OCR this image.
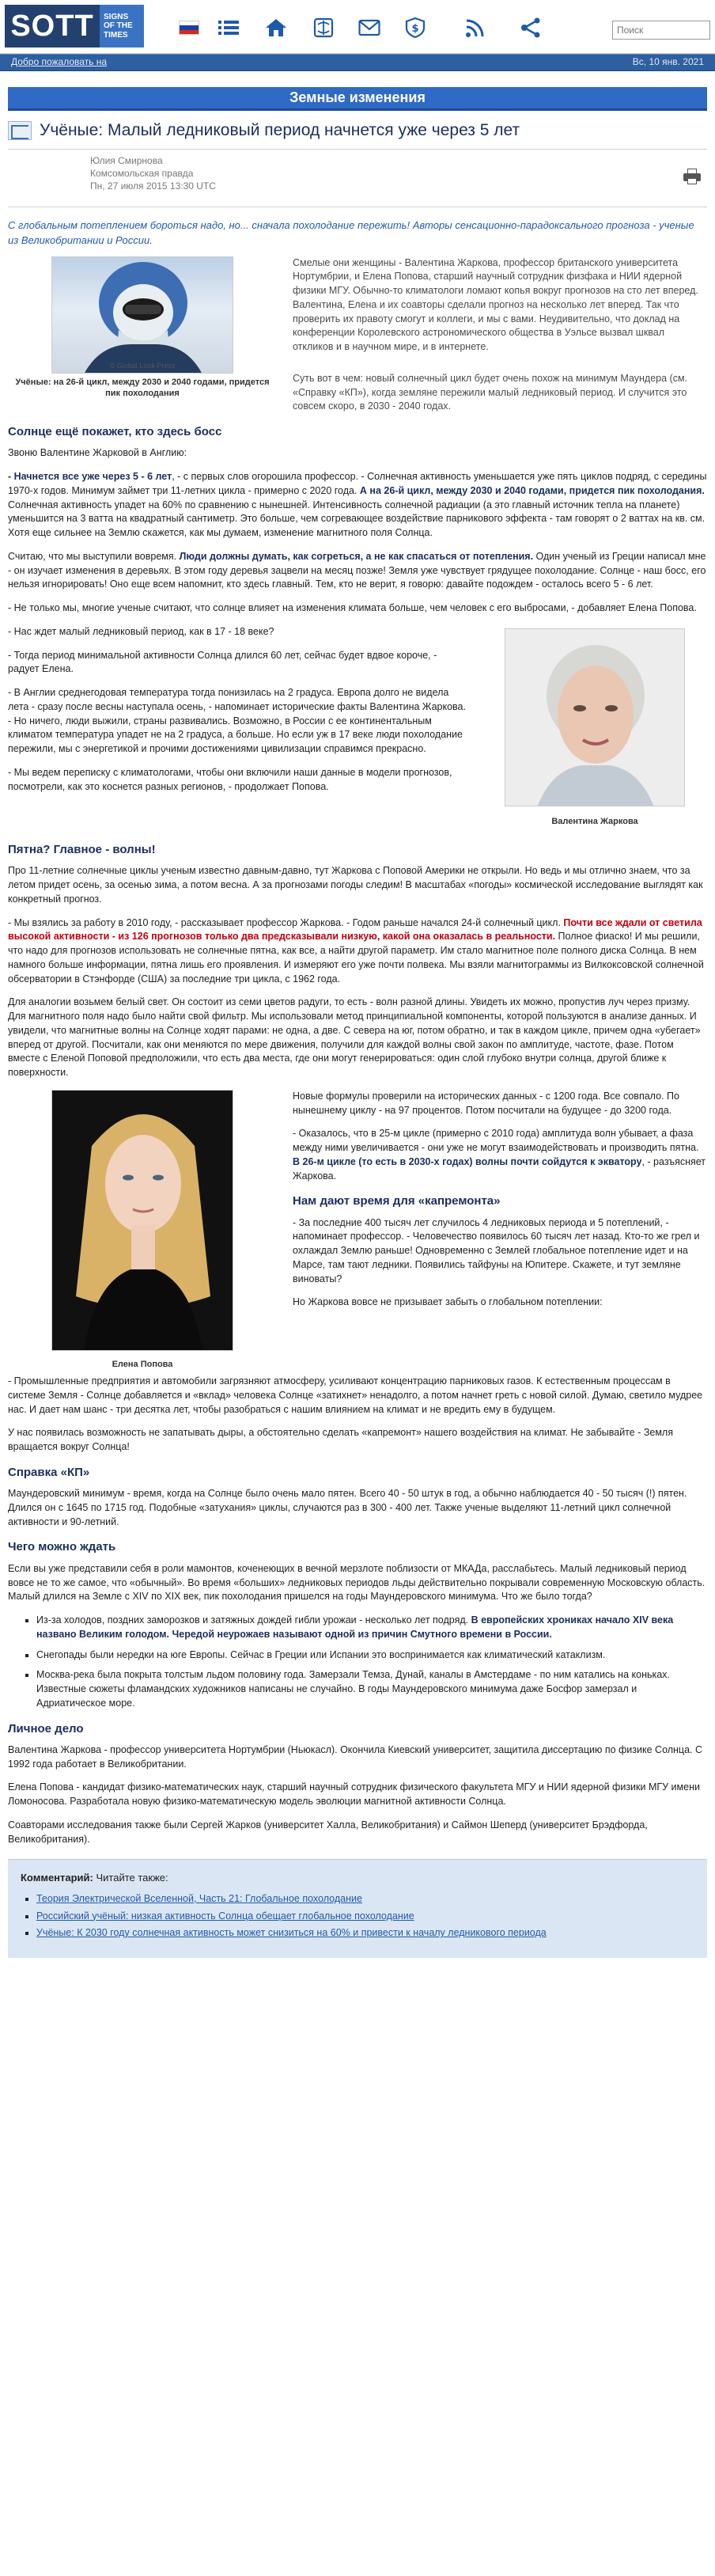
SOTT	SIGNS
OF THE
TIMES
$
Поиск
Добро пожаловать на	Вс, 10 янв. 2021
Земные изменения
Учёные: Малый ледниковый период начнется уже через 5 лет
Юлия Смирнова
Комсомольская правда
Пн, 27 июля 2015 13:30 UTC
С глобальным потеплением бороться надо, но... сначала похолодание пережить! Авторы сенсационно-парадоксального прогноза - ученые из Великобритании и России.
© Global Look Press
Учёные: на 26-й цикл, между 2030 и 2040 годами, придется пик похолодания

Смелые они женщины - Валентина Жаркова, профессор британского университета Нортумбрии, и Елена Попова, старший научный сотрудник физфака и НИИ ядерной физики МГУ. Обычно-то климатологи ломают копья вокруг прогнозов на сто лет вперед. Валентина, Елена и их соавторы сделали прогноз на несколько лет вперед. Так что проверить их правоту смогут и коллеги, и мы с вами. Неудивительно, что доклад на конференции Королевского астрономического общества в Уэльсе вызвал шквал откликов и в научном мире, и в интернете.

Суть вот в чем: новый солнечный цикл будет очень похож на минимум Маундера (см. «Справку «КП»), когда земляне пережили малый ледниковый период. И случится это совсем скоро, в 2030 - 2040 годах.

Солнце ещё покажет, кто здесь босс

Звоню Валентине Жарковой в Англию:

- Начнется все уже через 5 - 6 лет, - с первых слов огорошила профессор. - Солнечная активность уменьшается уже пять циклов подряд, с середины 1970-х годов. Минимум займет три 11-летних цикла - примерно с 2020 года. А на 26-й цикл, между 2030 и 2040 годами, придется пик похолодания. Солнечная активность упадет на 60% по сравнению с нынешней. Интенсивность солнечной радиации (а это главный источник тепла на планете) уменьшится на 3 ватта на квадратный сантиметр. Это больше, чем согревающее воздействие парникового эффекта - там говорят о 2 ваттах на кв. см. Хотя еще сильнее на Землю скажется, как мы думаем, изменение магнитного поля Солнца.

Считаю, что мы выступили вовремя. Люди должны думать, как согреться, а не как спасаться от потепления. Один ученый из Греции написал мне - он изучает изменения в деревьях. В этом году деревья зацвели на месяц позже! Земля уже чувствует грядущее похолодание. Солнце - наш босс, его нельзя игнорировать! Оно еще всем напомнит, кто здесь главный. Тем, кто не верит, я говорю: давайте подождем - осталось всего 5 - 6 лет.

- Не только мы, многие ученые считают, что солнце влияет на изменения климата больше, чем человек с его выбросами, - добавляет Елена Попова.

Валентина Жаркова

- Нас ждет малый ледниковый период, как в 17 - 18 веке?

- Тогда период минимальной активности Солнца длился 60 лет, сейчас будет вдвое короче, - радует Елена.

- В Англии среднегодовая температура тогда понизилась на 2 градуса. Европа долго не видела лета - сразу после весны наступала осень, - напоминает исторические факты Валентина Жаркова. - Но ничего, люди выжили, страны развивались. Возможно, в России с ее континентальным климатом температура упадет не на 2 градуса, а больше. Но если уж в 17 веке люди похолодание пережили, мы с энергетикой и прочими достижениями цивилизации справимся прекрасно.

- Мы ведем переписку с климатологами, чтобы они включили наши данные в модели прогнозов, посмотрели, как это коснется разных регионов, - продолжает Попова.

Пятна? Главное - волны!

Про 11-летние солнечные циклы ученым известно давным-давно, тут Жаркова с Поповой Америки не открыли. Но ведь и мы отлично знаем, что за летом придет осень, за осенью зима, а потом весна. А за прогнозами погоды следим! В масштабах «погоды» космической исследование выглядят как конкретный прогноз.

- Мы взялись за работу в 2010 году, - рассказывает профессор Жаркова. - Годом раньше начался 24-й солнечный цикл. Почти все ждали от светила высокой активности - из 126 прогнозов только два предсказывали низкую, какой она оказалась в реальности. Полное фиаско! И мы решили, что надо для прогнозов использовать не солнечные пятна, как все, а найти другой параметр. Им стало магнитное поле полного диска Солнца. В нем намного больше информации, пятна лишь его проявления. И измеряют его уже почти полвека. Мы взяли магнитограммы из Вилкоксовской солнечной обсерватории в Стэнфорде (США) за последние три цикла, с 1962 года.

Для аналогии возьмем белый свет. Он состоит из семи цветов радуги, то есть - волн разной длины. Увидеть их можно, пропустив луч через призму. Для магнитного поля надо было найти свой фильтр. Мы использовали метод принципиальной компоненты, которой пользуются в анализе данных. И увидели, что магнитные волны на Солнце ходят парами: не одна, а две. С севера на юг, потом обратно, и так в каждом цикле, причем одна «убегает» вперед от другой. Посчитали, как они меняются по мере движения, получили для каждой волны свой закон по амплитуде, частоте, фазе. Потом вместе с Еленой Поповой предположили, что есть два места, где они могут генерироваться: один слой глубоко внутри солнца, другой ближе к поверхности.

Елена Попова

Новые формулы проверили на исторических данных - с 1200 года. Все совпало. По нынешнему циклу - на 97 процентов. Потом посчитали на будущее - до 3200 года.

- Оказалось, что в 25-м цикле (примерно с 2010 года) амплитуда волн убывает, а фаза между ними увеличивается - они уже не могут взаимодействовать и производить пятна. В 26-м цикле (то есть в 2030-х годах) волны почти сойдутся к экватору, - разъясняет Жаркова.

Нам дают время для «капремонта»

- За последние 400 тысяч лет случилось 4 ледниковых периода и 5 потеплений, - напоминает профессор. - Человечество появилось 60 тысяч лет назад. Кто-то же грел и охлаждал Землю раньше! Одновременно с Землей глобальное потепление идет и на Марсе, там тают ледники. Появились тайфуны на Юпитере. Скажете, и тут земляне виноваты?

Но Жаркова вовсе не призывает забыть о глобальном потеплении:

- Промышленные предприятия и автомобили загрязняют атмосферу, усиливают концентрацию парниковых газов. К естественным процессам в системе Земля - Солнце добавляется и «вклад» человека Солнце «затихнет» ненадолго, а потом начнет греть с новой силой. Думаю, светило мудрее нас. И дает нам шанс - три десятка лет, чтобы разобраться с нашим влиянием на климат и не вредить ему в будущем.

У нас появилась возможность не запатывать дыры, а обстоятельно сделать «капремонт» нашего воздействия на климат. Не забывайте - Земля вращается вокруг Солнца!

Справка «КП»

Маундеровский минимум - время, когда на Солнце было очень мало пятен. Всего 40 - 50 штук в год, а обычно наблюдается 40 - 50 тысяч (!) пятен. Длился он с 1645 по 1715 год. Подобные «затухания» циклы, случаются раз в 300 - 400 лет. Также ученые выделяют 11-летний цикл солнечной активности и 90-летний.

Чего можно ждать

Если вы уже представили себя в роли мамонтов, коченеющих в вечной мерзлоте поблизости от МКАДа, расслабьтесь. Малый ледниковый период вовсе не то же самое, что «обычный». Во время «больших» ледниковых периодов льды действительно покрывали современную Московскую область. Малый длился на Земле с XIV по XIX век, пик похолодания пришелся на годы Маундеровского минимума. Что же было тогда?

▪ Из-за холодов, поздних заморозков и затяжных дождей гибли урожаи - несколько лет подряд. В европейских хрониках начало XIV века названо Великим голодом. Чередой неурожаев называют одной из причин Смутного времени в России.
▪ Снегопады были нередки на юге Европы. Сейчас в Греции или Испании это воспринимается как климатический катаклизм.
▪ Москва-река была покрыта толстым льдом половину года. Замерзали Темза, Дунай, каналы в Амстердаме - по ним катались на коньках. Известные сюжеты фламандских художников написаны не случайно. В годы Маундеровского минимума даже Босфор замерзал и Адриатическое море.
Личное дело

Валентина Жаркова - профессор университета Нортумбрии (Ньюкасл). Окончила Киевский университет, защитила диссертацию по физике Солнца. С 1992 года работает в Великобритании.

Елена Попова - кандидат физико-математических наук, старший научный сотрудник физического факультета МГУ и НИИ ядерной физики МГУ имени Ломоносова. Разработала новую физико-математическую модель эволюции магнитной активности Солнца.

Соавторами исследования также были Сергей Жарков (университет Халла, Великобритания) и Саймон Шеперд (университет Брэдфорда, Великобритания).

Комментарий: Читайте также:
▪ Теория Электрической Вселенной, Часть 21: Глобальное похолодание
▪ Российский учёный: низкая активность Солнца обещает глобальное похолодание
▪ Учёные: К 2030 году солнечная активность может снизиться на 60% и привести к началу ледникового периода
